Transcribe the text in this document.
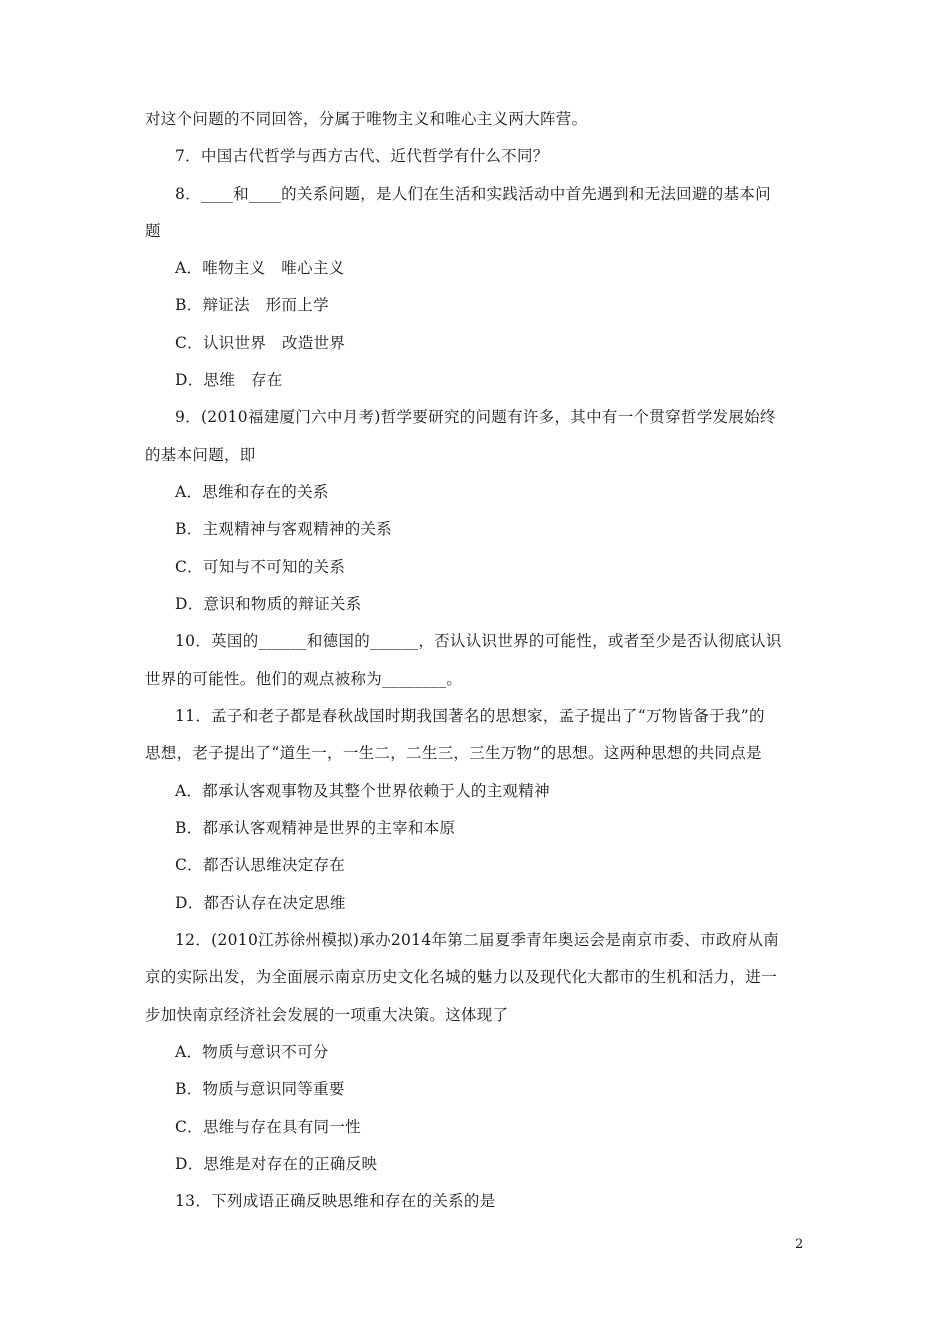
对这个问题的不同回答，分属于唯物主义和唯心主义两大阵营。
7．中国古代哲学与西方古代、近代哲学有什么不同？
8．____和____的关系问题，是人们在生活和实践活动中首先遇到和无法回避的基本问
题
A．唯物主义　唯心主义
B．辩证法　形而上学
C．认识世界　改造世界
D．思维　存在
9．(2010福建厦门六中月考)哲学要研究的问题有许多，其中有一个贯穿哲学发展始终
的基本问题，即
A．思维和存在的关系
B．主观精神与客观精神的关系
C．可知与不可知的关系
D．意识和物质的辩证关系
10．英国的______和德国的______，否认认识世界的可能性，或者至少是否认彻底认识
世界的可能性。他们的观点被称为________。
11．孟子和老子都是春秋战国时期我国著名的思想家，孟子提出了“万物皆备于我”的
思想，老子提出了“道生一，一生二，二生三，三生万物”的思想。这两种思想的共同点是
A．都承认客观事物及其整个世界依赖于人的主观精神
B．都承认客观精神是世界的主宰和本原
C．都否认思维决定存在
D．都否认存在决定思维
12．(2010江苏徐州模拟)承办2014年第二届夏季青年奥运会是南京市委、市政府从南
京的实际出发，为全面展示南京历史文化名城的魅力以及现代化大都市的生机和活力，进一
步加快南京经济社会发展的一项重大决策。这体现了
A．物质与意识不可分
B．物质与意识同等重要
C．思维与存在具有同一性
D．思维是对存在的正确反映
13．下列成语正确反映思维和存在的关系的是
2
